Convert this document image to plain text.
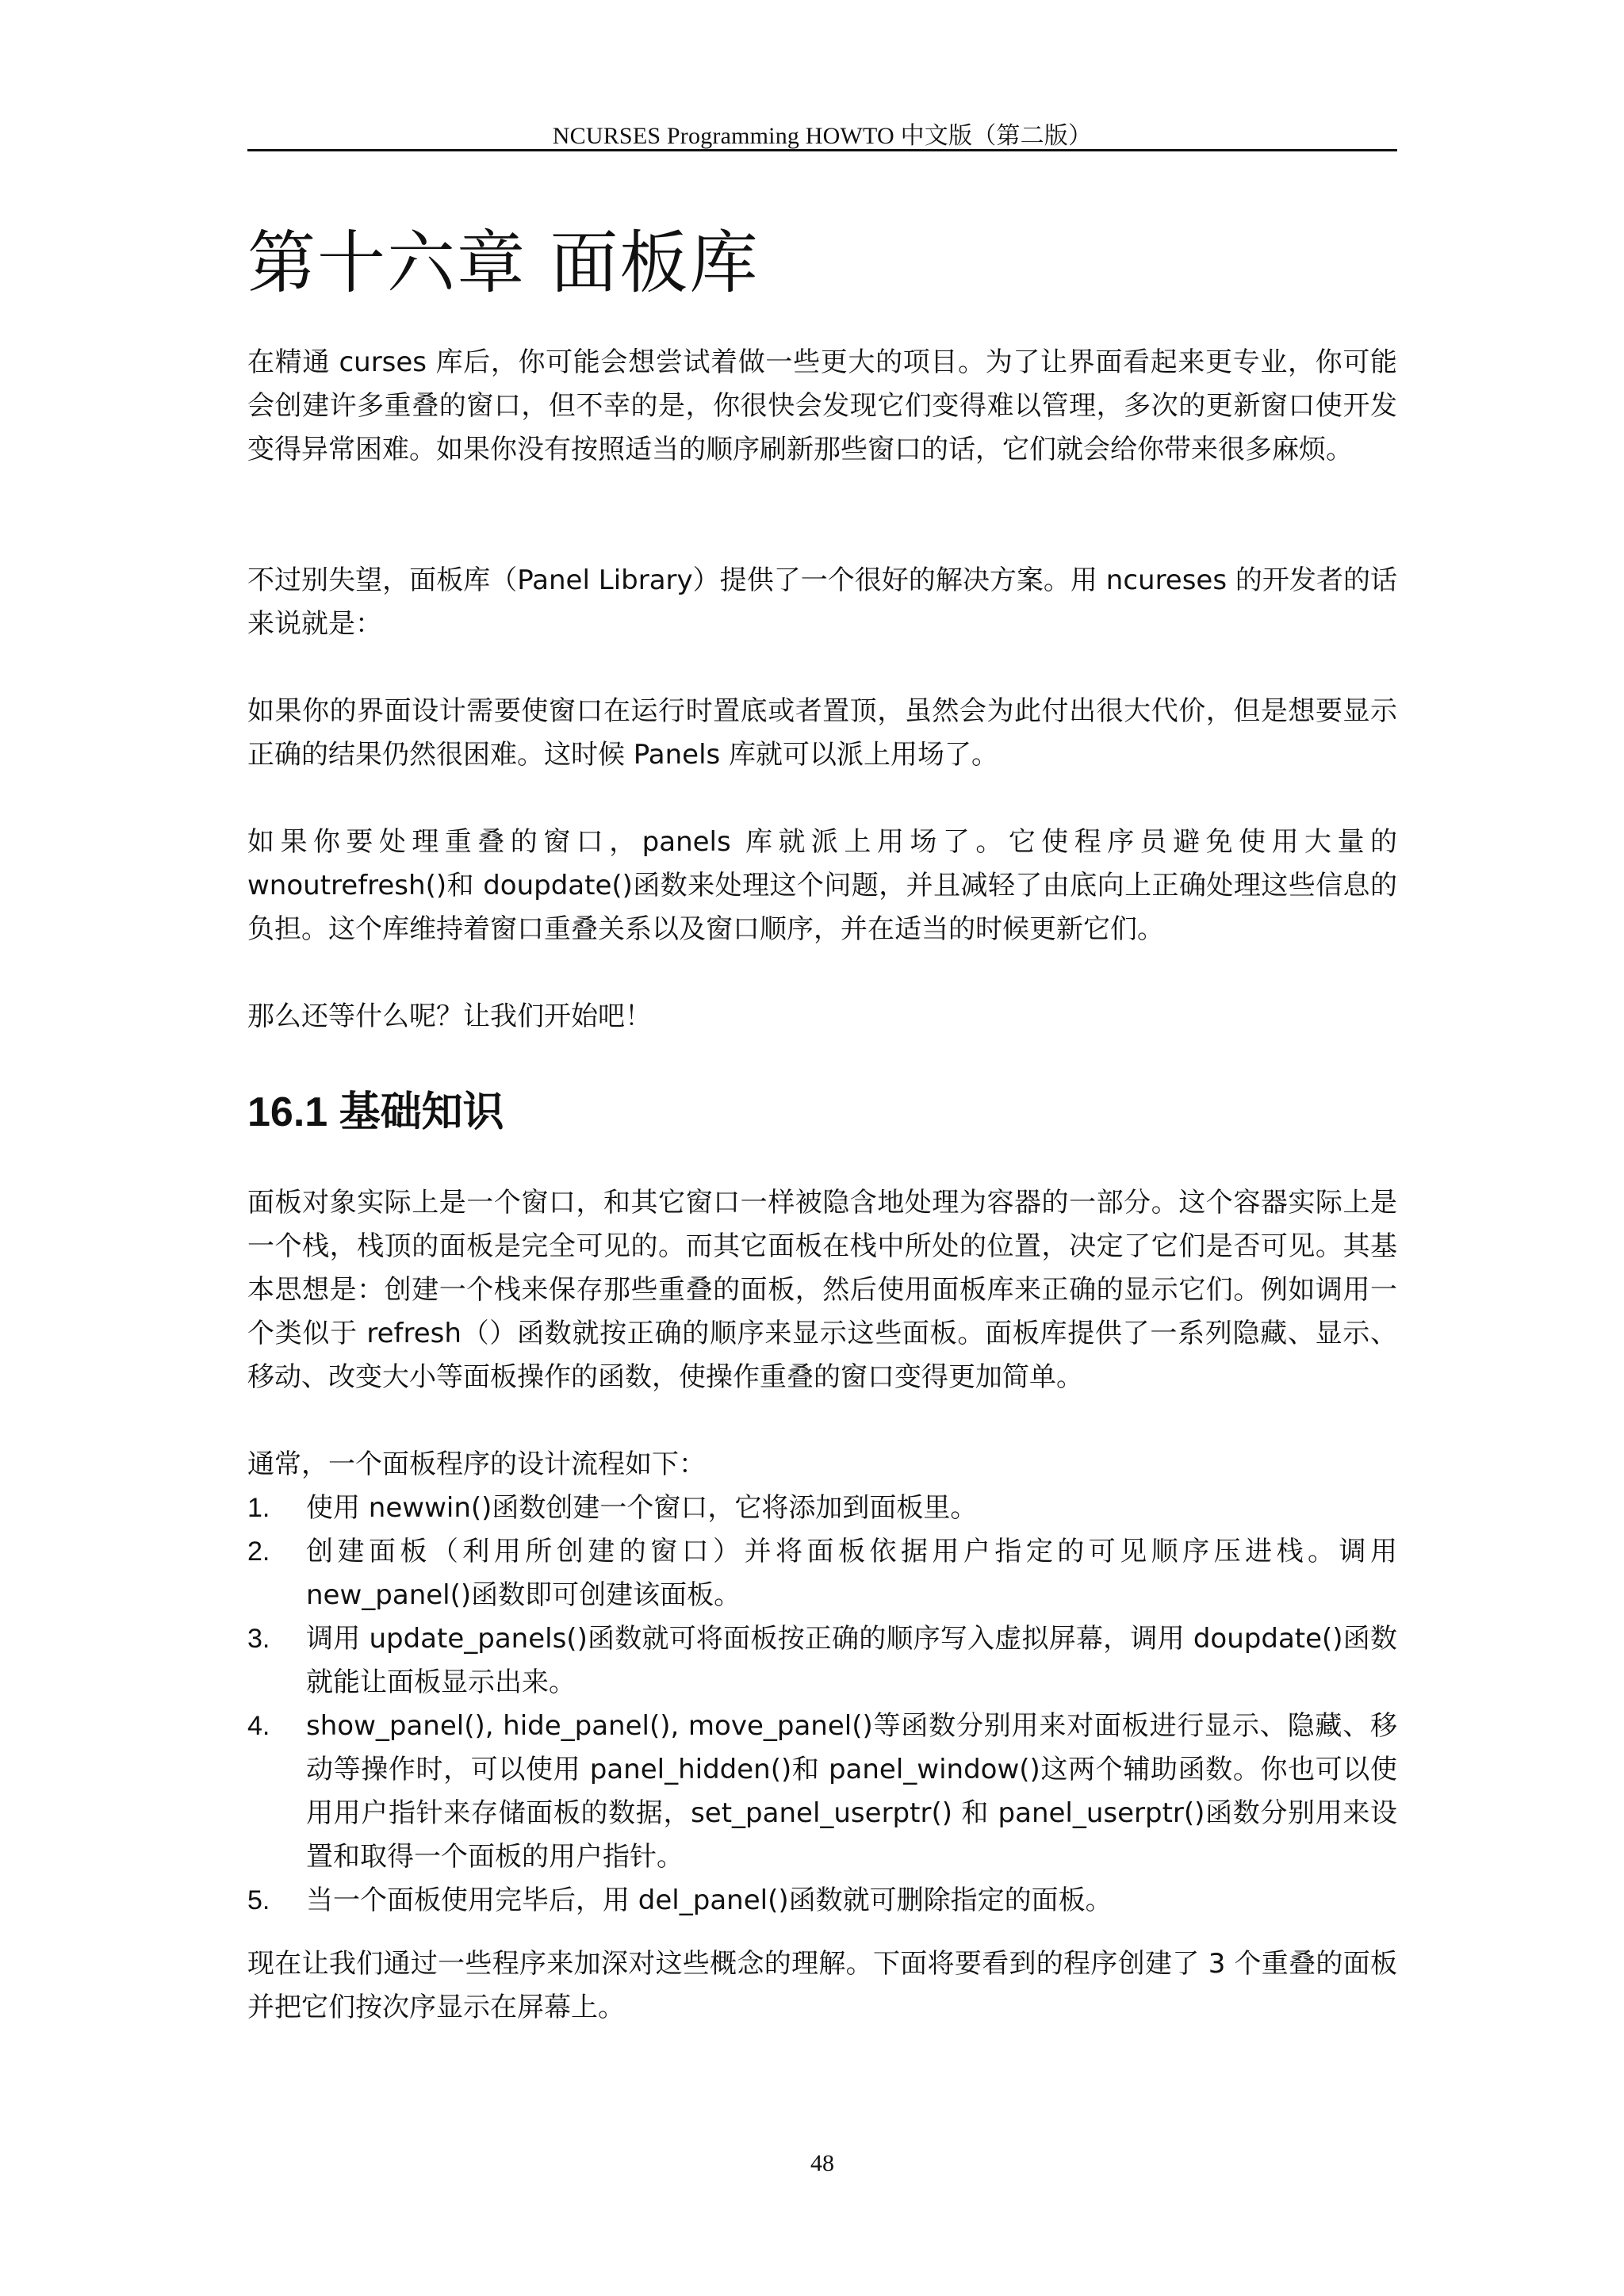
NCURSES Programming HOWTO 中文版（第二版）
第十六章 面板库

在精通 curses 库后，你可能会想尝试着做一些更大的项目。为了让界面看起来更专业，你可能会创建许多重叠的窗口，但不幸的是，你很快会发现它们变得难以管理，多次的更新窗口使开发变得异常困难。如果你没有按照适当的顺序刷新那些窗口的话，它们就会给你带来很多麻烦。

不过别失望，面板库（Panel Library）提供了一个很好的解决方案。用 ncureses 的开发者的话来说就是：

如果你的界面设计需要使窗口在运行时置底或者置顶，虽然会为此付出很大代价，但是想要显示正确的结果仍然很困难。这时候 Panels 库就可以派上用场了。

如果你要处理重叠的窗口，panels 库就派上用场了。它使程序员避免使用大量的 wnoutrefresh()和 doupdate()函数来处理这个问题，并且减轻了由底向上正确处理这些信息的负担。这个库维持着窗口重叠关系以及窗口顺序，并在适当的时候更新它们。

那么还等什么呢？让我们开始吧！

16.1 基础知识

面板对象实际上是一个窗口，和其它窗口一样被隐含地处理为容器的一部分。这个容器实际上是一个栈，栈顶的面板是完全可见的。而其它面板在栈中所处的位置，决定了它们是否可见。其基本思想是：创建一个栈来保存那些重叠的面板，然后使用面板库来正确的显示它们。例如调用一个类似于 refresh（）函数就按正确的顺序来显示这些面板。面板库提供了一系列隐藏、显示、移动、改变大小等面板操作的函数，使操作重叠的窗口变得更加简单。

通常，一个面板程序的设计流程如下：

1. 使用 newwin()函数创建一个窗口，它将添加到面板里。
2. 创建面板（利用所创建的窗口）并将面板依据用户指定的可见顺序压进栈。调用 new_panel()函数即可创建该面板。
3. 调用 update_panels()函数就可将面板按正确的顺序写入虚拟屏幕，调用 doupdate()函数就能让面板显示出来。
4. show_panel(), hide_panel(), move_panel()等函数分别用来对面板进行显示、隐藏、移动等操作时，可以使用 panel_hidden()和 panel_window()这两个辅助函数。你也可以使用用户指针来存储面板的数据，set_panel_userptr() 和 panel_userptr()函数分别用来设置和取得一个面板的用户指针。
5. 当一个面板使用完毕后，用 del_panel()函数就可删除指定的面板。

现在让我们通过一些程序来加深对这些概念的理解。下面将要看到的程序创建了 3 个重叠的面板并把它们按次序显示在屏幕上。

48
